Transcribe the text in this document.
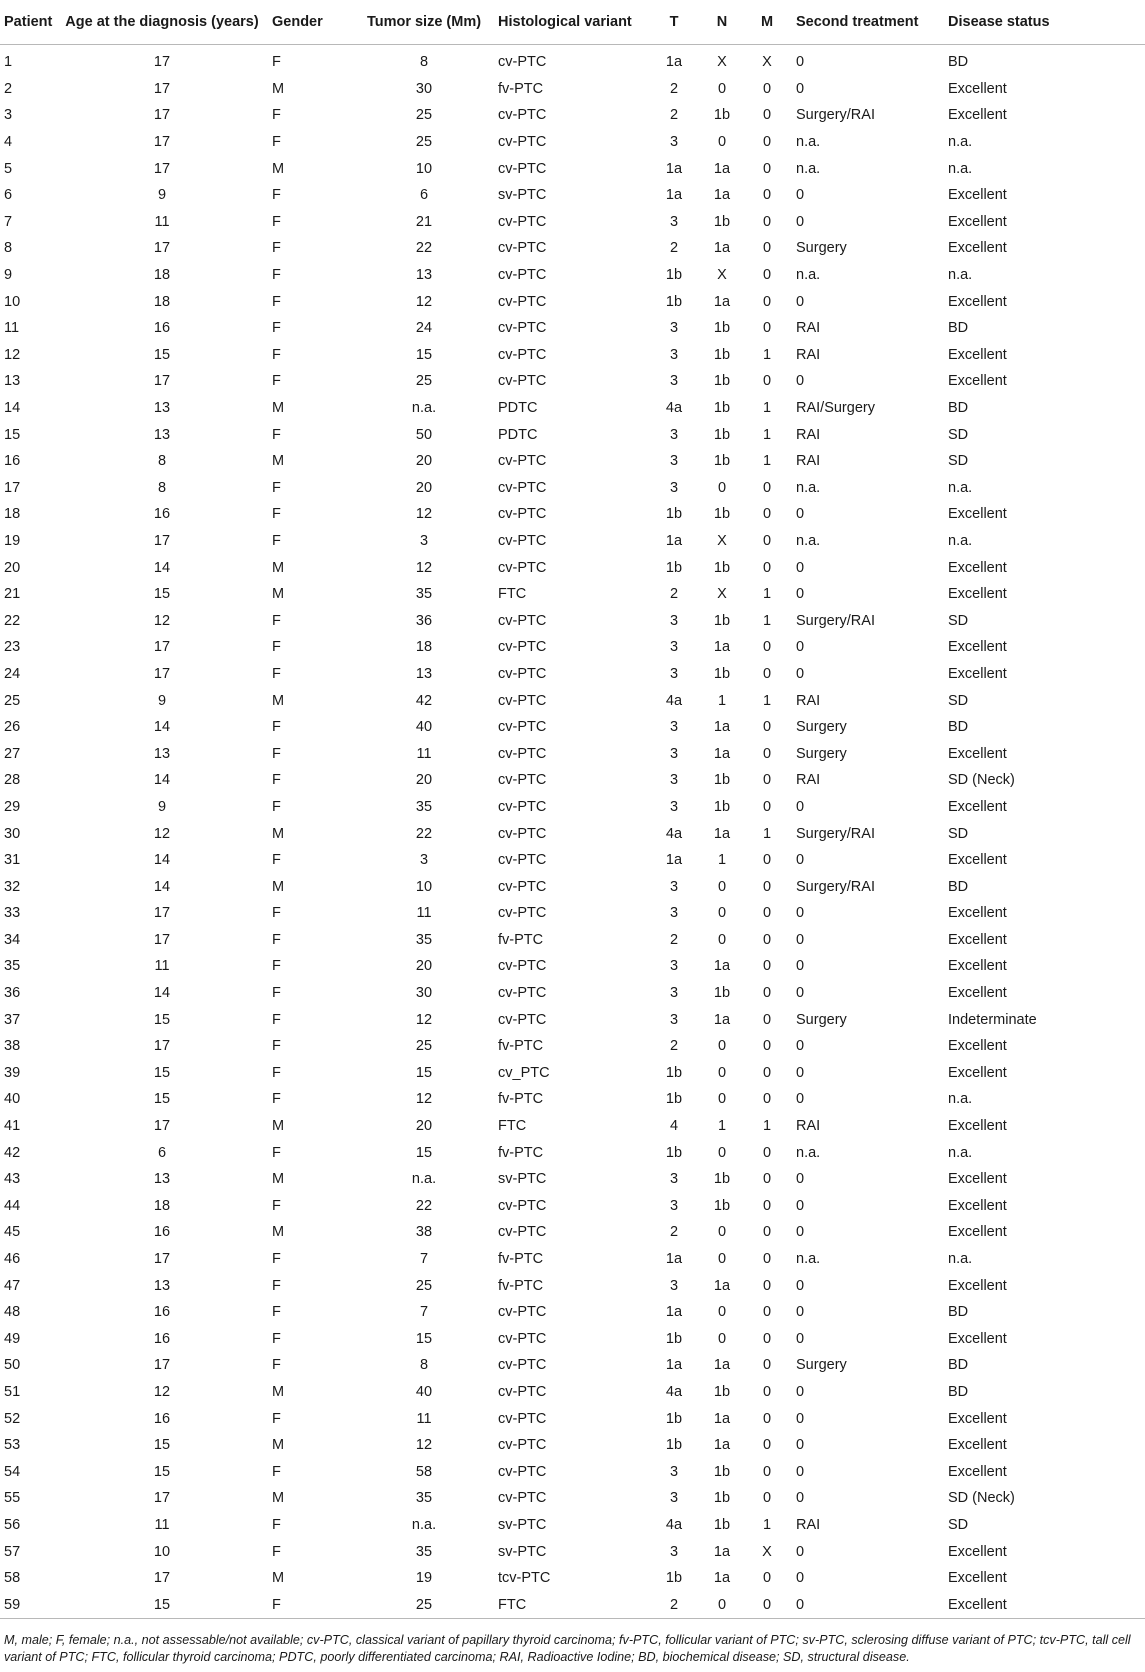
Patient	Age at the diagnosis (years)	Gender	Tumor size (Mm)	Histological variant	T	N	M	Second treatment	Disease status
1	17	F	8	cv-PTC	1a	X	X	0	BD
2	17	M	30	fv-PTC	2	0	0	0	Excellent
3	17	F	25	cv-PTC	2	1b	0	Surgery/RAI	Excellent
4	17	F	25	cv-PTC	3	0	0	n.a.	n.a.
5	17	M	10	cv-PTC	1a	1a	0	n.a.	n.a.
6	9	F	6	sv-PTC	1a	1a	0	0	Excellent
7	11	F	21	cv-PTC	3	1b	0	0	Excellent
8	17	F	22	cv-PTC	2	1a	0	Surgery	Excellent
9	18	F	13	cv-PTC	1b	X	0	n.a.	n.a.
10	18	F	12	cv-PTC	1b	1a	0	0	Excellent
11	16	F	24	cv-PTC	3	1b	0	RAI	BD
12	15	F	15	cv-PTC	3	1b	1	RAI	Excellent
13	17	F	25	cv-PTC	3	1b	0	0	Excellent
14	13	M	n.a.	PDTC	4a	1b	1	RAI/Surgery	BD
15	13	F	50	PDTC	3	1b	1	RAI	SD
16	8	M	20	cv-PTC	3	1b	1	RAI	SD
17	8	F	20	cv-PTC	3	0	0	n.a.	n.a.
18	16	F	12	cv-PTC	1b	1b	0	0	Excellent
19	17	F	3	cv-PTC	1a	X	0	n.a.	n.a.
20	14	M	12	cv-PTC	1b	1b	0	0	Excellent
21	15	M	35	FTC	2	X	1	0	Excellent
22	12	F	36	cv-PTC	3	1b	1	Surgery/RAI	SD
23	17	F	18	cv-PTC	3	1a	0	0	Excellent
24	17	F	13	cv-PTC	3	1b	0	0	Excellent
25	9	M	42	cv-PTC	4a	1	1	RAI	SD
26	14	F	40	cv-PTC	3	1a	0	Surgery	BD
27	13	F	11	cv-PTC	3	1a	0	Surgery	Excellent
28	14	F	20	cv-PTC	3	1b	0	RAI	SD (Neck)
29	9	F	35	cv-PTC	3	1b	0	0	Excellent
30	12	M	22	cv-PTC	4a	1a	1	Surgery/RAI	SD
31	14	F	3	cv-PTC	1a	1	0	0	Excellent
32	14	M	10	cv-PTC	3	0	0	Surgery/RAI	BD
33	17	F	11	cv-PTC	3	0	0	0	Excellent
34	17	F	35	fv-PTC	2	0	0	0	Excellent
35	11	F	20	cv-PTC	3	1a	0	0	Excellent
36	14	F	30	cv-PTC	3	1b	0	0	Excellent
37	15	F	12	cv-PTC	3	1a	0	Surgery	Indeterminate
38	17	F	25	fv-PTC	2	0	0	0	Excellent
39	15	F	15	cv_PTC	1b	0	0	0	Excellent
40	15	F	12	fv-PTC	1b	0	0	0	n.a.
41	17	M	20	FTC	4	1	1	RAI	Excellent
42	6	F	15	fv-PTC	1b	0	0	n.a.	n.a.
43	13	M	n.a.	sv-PTC	3	1b	0	0	Excellent
44	18	F	22	cv-PTC	3	1b	0	0	Excellent
45	16	M	38	cv-PTC	2	0	0	0	Excellent
46	17	F	7	fv-PTC	1a	0	0	n.a.	n.a.
47	13	F	25	fv-PTC	3	1a	0	0	Excellent
48	16	F	7	cv-PTC	1a	0	0	0	BD
49	16	F	15	cv-PTC	1b	0	0	0	Excellent
50	17	F	8	cv-PTC	1a	1a	0	Surgery	BD
51	12	M	40	cv-PTC	4a	1b	0	0	BD
52	16	F	11	cv-PTC	1b	1a	0	0	Excellent
53	15	M	12	cv-PTC	1b	1a	0	0	Excellent
54	15	F	58	cv-PTC	3	1b	0	0	Excellent
55	17	M	35	cv-PTC	3	1b	0	0	SD (Neck)
56	11	F	n.a.	sv-PTC	4a	1b	1	RAI	SD
57	10	F	35	sv-PTC	3	1a	X	0	Excellent
58	17	M	19	tcv-PTC	1b	1a	0	0	Excellent
59	15	F	25	FTC	2	0	0	0	Excellent
M, male; F, female; n.a., not assessable/not available; cv-PTC, classical variant of papillary thyroid carcinoma; fv-PTC, follicular variant of PTC; sv-PTC, sclerosing diffuse variant of PTC; tcv-PTC, tall cell variant of PTC; FTC, follicular thyroid carcinoma; PDTC, poorly differentiated carcinoma; RAI, Radioactive Iodine; BD, biochemical disease; SD, structural disease.
